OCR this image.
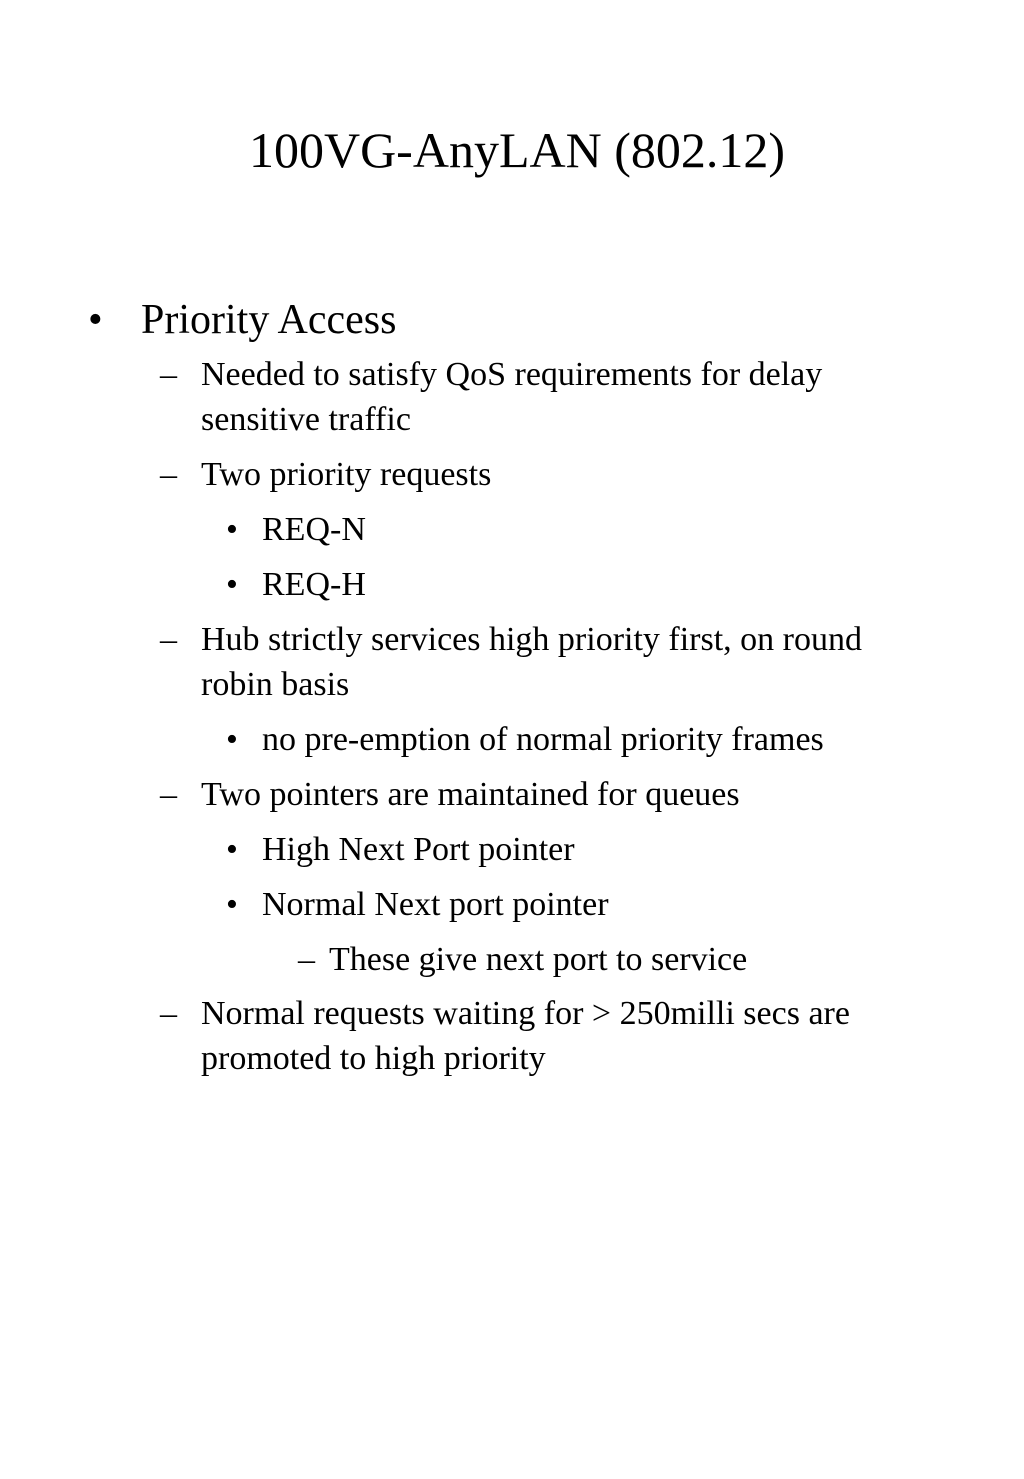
100VG-AnyLAN (802.12)
• Priority Access
– Needed to satisfy QoS requirements for delay sensitive traffic
– Two priority requests
• REQ-N
• REQ-H
– Hub strictly services high priority first, on round robin basis
• no pre-emption of normal priority frames
– Two pointers are maintained for queues
• High Next Port pointer
• Normal Next port pointer
– These give next port to service
– Normal requests waiting for > 250milli secs are promoted to high priority
